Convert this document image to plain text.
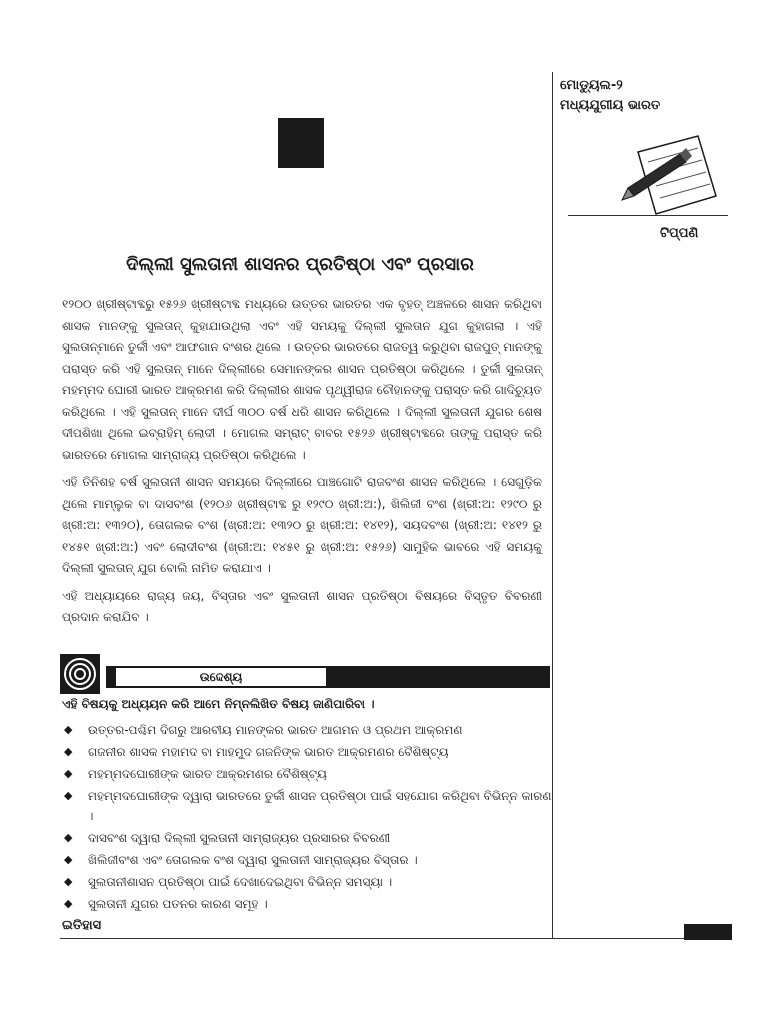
ମୋଡ୍ୟୁଲ-୨
ମଧ୍ୟଯୁଗୀୟ ଭାରତ
ଟିପ୍ପଣି
ଦିଲ୍ଲୀ ସୁଲତାନୀ ଶାସନର ପ୍ରତିଷ୍ଠା ଏବଂ ପ୍ରସାର

୧୨୦୦ ଖ୍ରୀଷ୍ଟାବ୍ଦରୁ ୧୫୨୬ ଖ୍ରୀଷ୍ଟାବ୍ଦ ମଧ୍ୟରେ ଉତ୍ତର ଭାରତର ଏକ ବୃହତ୍ ଅଞ୍ଚଳରେ ଶାସନ କରିଥିବା ଶାସକ ମାନଙ୍କୁ ସୁଲତାନ୍ କୁହାଯାଉଥିଲା ଏବଂ ଏହି ସମୟକୁ ଦିଲ୍ଲୀ ସୁଲତାନ ଯୁଗ କୁହାଗଲା । ଏହି ସୁଲତାନ୍‌ମାନେ ତୁର୍କୀ ଏବଂ ଆଫଗାନ ବଂଶର ଥିଲେ । ଉତ୍ତର ଭାରତରେ ରାଜତ୍ୱ କରୁଥିବା ରାଜପୁତ୍ ମାନଙ୍କୁ ପରାସ୍ତ କରି ଏହି ସୁଲତାନ୍ ମାନେ ଦିଲ୍ଲୀରେ ସେମାନଙ୍କର ଶାସନ ପ୍ରତିଷ୍ଠା କରିଥିଲେ । ତୁର୍କୀ ସୁଲତାନ୍ ମହମ୍ମଦ ଘୋରୀ ଭାରତ ଆକ୍ରମଣ କରି ଦିଲ୍ଲୀର ଶାସକ ପୃଥ୍ୱୀରାଜ ଚୌହାନଙ୍କୁ ପରାସ୍ତ କରି ଗାଦିଚ୍ୟୁତ କରିଥିଲେ । ଏହି ସୁଲତାନ୍ ମାନେ ଦୀର୍ଘ ୩୦୦ ବର୍ଷ ଧରି ଶାସନ କରିଥିଲେ । ଦିଲ୍ଲୀ ସୁଲତାନୀ ଯୁଗର ଶେଷ ଦୀପଶିଖା ଥିଲେ ଇବ୍ରାହିମ୍ ଲୋଦୀ । ମୋଗଲ ସମ୍ରାଟ୍ ବାବର ୧୫୨୬ ଖ୍ରୀଷ୍ଟାବ୍ଦରେ ତାଙ୍କୁ ପରାସ୍ତ କରି ଭାରତରେ ମୋଗଲ ସାମ୍ରାଜ୍ୟ ପ୍ରତିଷ୍ଠା କରିଥିଲେ ।

ଏହି ତିନିଶହ ବର୍ଷ ସୁଲତାନୀ ଶାସନ ସମୟରେ ଦିଲ୍ଲୀରେ ପାଞ୍ଚଗୋଟି ରାଜବଂଶ ଶାସନ କରିଥିଲେ । ସେଗୁଡ଼ିକ ଥିଲେ ମାମ୍‌ଲୁକ ବା ଦାସବଂଶ (୧୨୦୬ ଖ୍ରୀଷ୍ଟାବ୍ଦ ରୁ ୧୨୯୦ ଖ୍ରୀ:ଅ:), ଖିଲିଜୀ ବଂଶ (ଖ୍ରୀ:ଅ: ୧୨୯୦ ରୁ ଖ୍ରୀ:ଅ: ୧୩୨୦), ତୋଗଲକ ବଂଶ (ଖ୍ରୀ:ଅ: ୧୩୨୦ ରୁ ଖ୍ରୀ:ଅ: ୧୪୧୨), ସୟଦବଂଶ (ଖ୍ରୀ:ଅ: ୧୪୧୨ ରୁ ୧୪୫୧ ଖ୍ରୀ:ଅ:) ଏବଂ ଲୋଦୀବଂଶ (ଖ୍ରୀ:ଅ: ୧୪୫୧ ରୁ ଖ୍ରୀ:ଅ: ୧୫୨୬) ସାମୁହିକ ଭାବରେ ଏହି ସମୟକୁ ଦିଲ୍ଲୀ ସୁଲତାନ୍ ଯୁଗ ବୋଲି ନାମିତ କରାଯାଏ ।

ଏହି ଅଧ୍ୟାୟରେ ରାଜ୍ୟ ଜୟ, ବିସ୍ତାର ଏବଂ ସୁଲତାନୀ ଶାସନ ପ୍ରତିଷ୍ଠା ବିଷୟରେ ବିସ୍ତୃତ ବିବରଣୀ ପ୍ରଦାନ କରାଯିବ ।

ଉଦ୍ଦେଶ୍ୟ
ଏହି ବିଷୟକୁ ଅଧ୍ୟୟନ କରି ଆମେ ନିମ୍ନଲିଖିତ ବିଷୟ ଜାଣିପାରିବା ।
◆ ଉତ୍ତର-ପଶ୍ଚିମ ଦିଗରୁ ଆରବୀୟ ମାନଙ୍କର ଭାରତ ଆଗମନ ଓ ପ୍ରଥମ ଆକ୍ରମଣ
◆ ଗଜନୀର ଶାସକ ମହାମଦ ବା ମାହମୁଦ ଗଜନିଙ୍କ ଭାରତ ଆକ୍ରମଣର ବୈଶିଷ୍ଟ୍ୟ
◆ ମହମ୍ମଦଘୋରୀଙ୍କ ଭାରତ ଆକ୍ରମଣର ବୈଶିଷ୍ଟ୍ୟ
◆ ମହମ୍ମଦଘୋରୀଙ୍କ ଦ୍ୱାରା ଭାରତରେ ତୁର୍କୀ ଶାସନ ପ୍ରତିଷ୍ଠା ପାଇଁ ସହଯୋଗ କରିଥିବା ବିଭିନ୍ନ କାରଣ ।
◆ ଦାସବଂଶ ଦ୍ୱାରା ଦିଲ୍ଲୀ ସୁଲତାନୀ ସାମ୍ରାଜ୍ୟର ପ୍ରସାରର ବିବରଣୀ
◆ ଖିଲିଜୀବଂଶ ଏବଂ ତୋଗଲକ ବଂଶ ଦ୍ୱାରା ସୁଲତାନୀ ସାମ୍ରାଜ୍ୟର ବିସ୍ତାର ।
◆ ସୁଲତାନୀଶାସନ ପ୍ରତିଷ୍ଠା ପାଇଁ ଦେଖାଦେଇଥିବା ବିଭିନ୍ନ ସମସ୍ୟା ।
◆ ସୁଲତାନୀ ଯୁଗର ପତନର କାରଣ ସମୂହ ।
ଇତିହାସ
